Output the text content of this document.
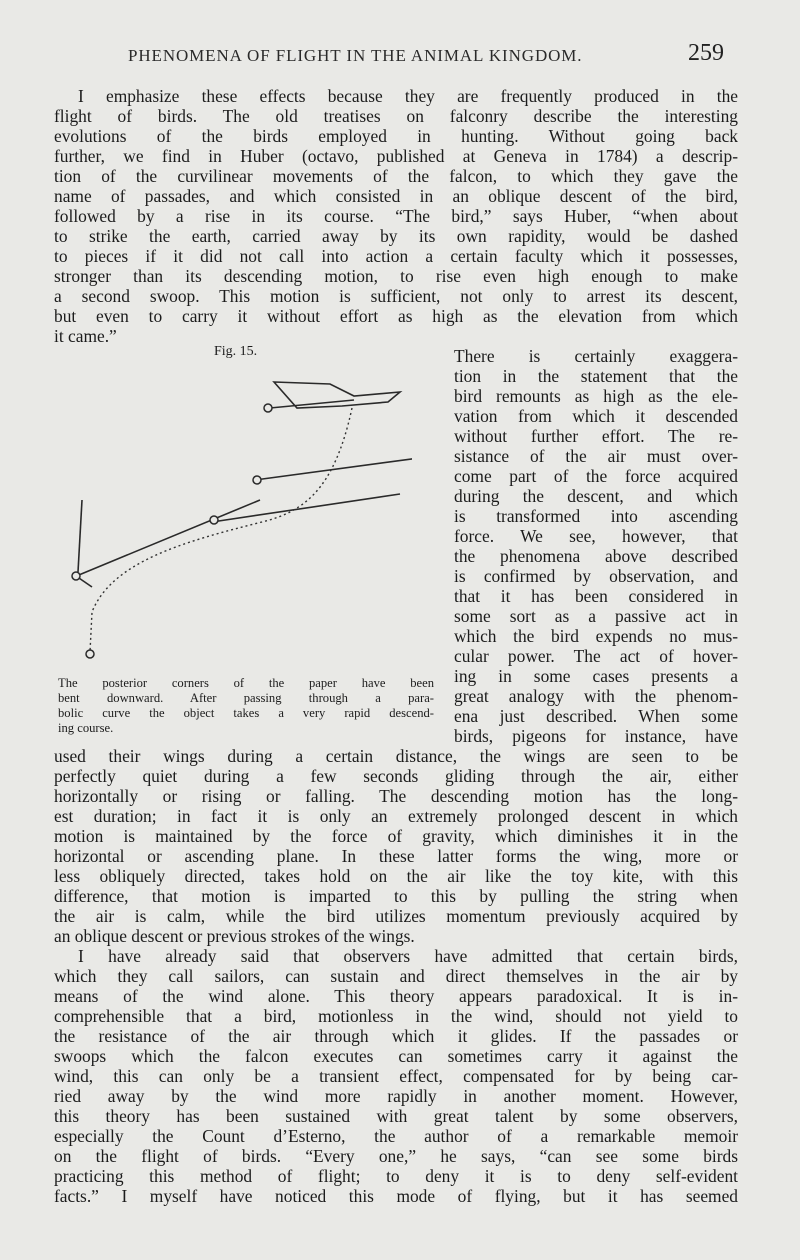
PHENOMENA OF FLIGHT IN THE ANIMAL KINGDOM.	259
I emphasize these effects because they are frequently produced in the
flight of birds. The old treatises on falconry describe the interesting
evolutions of the birds employed in hunting. Without going back
further, we find in Huber (octavo, published at Geneva in 1784) a descrip-
tion of the curvilinear movements of the falcon, to which they gave the
name of passades, and which consisted in an oblique descent of the bird,
followed by a rise in its course. “The bird,” says Huber, “when about
to strike the earth, carried away by its own rapidity, would be dashed
to pieces if it did not call into action a certain faculty which it possesses,
stronger than its descending motion, to rise even high enough to make
a second swoop. This motion is sufficient, not only to arrest its descent,
but even to carry it without effort as high as the elevation from which
it came.”
Fig. 15.
The posterior corners of the paper have been
bent downward. After passing through a para-
bolic curve the object takes a very rapid descend-
ing course.
There is certainly exaggera-
tion in the statement that the
bird remounts as high as the ele-
vation from which it descended
without further effort. The re-
sistance of the air must over-
come part of the force acquired
during the descent, and which
is transformed into ascending
force. We see, however, that
the phenomena above described
is confirmed by observation, and
that it has been considered in
some sort as a passive act in
which the bird expends no mus-
cular power. The act of hover-
ing in some cases presents a
great analogy with the phenom-
ena just described. When some
birds, pigeons for instance, have
used their wings during a certain distance, the wings are seen to be
perfectly quiet during a few seconds gliding through the air, either
horizontally or rising or falling. The descending motion has the long-
est duration; in fact it is only an extremely prolonged descent in which
motion is maintained by the force of gravity, which diminishes it in the
horizontal or ascending plane. In these latter forms the wing, more or
less obliquely directed, takes hold on the air like the toy kite, with this
difference, that motion is imparted to this by pulling the string when
the air is calm, while the bird utilizes momentum previously acquired by
an oblique descent or previous strokes of the wings.
I have already said that observers have admitted that certain birds,
which they call sailors, can sustain and direct themselves in the air by
means of the wind alone. This theory appears paradoxical. It is in-
comprehensible that a bird, motionless in the wind, should not yield to
the resistance of the air through which it glides. If the passades or
swoops which the falcon executes can sometimes carry it against the
wind, this can only be a transient effect, compensated for by being car-
ried away by the wind more rapidly in another moment. However,
this theory has been sustained with great talent by some observers,
especially the Count d’Esterno, the author of a remarkable memoir
on the flight of birds. “Every one,” he says, “can see some birds
practicing this method of flight; to deny it is to deny self-evident
facts.” I myself have noticed this mode of flying, but it has seemed
